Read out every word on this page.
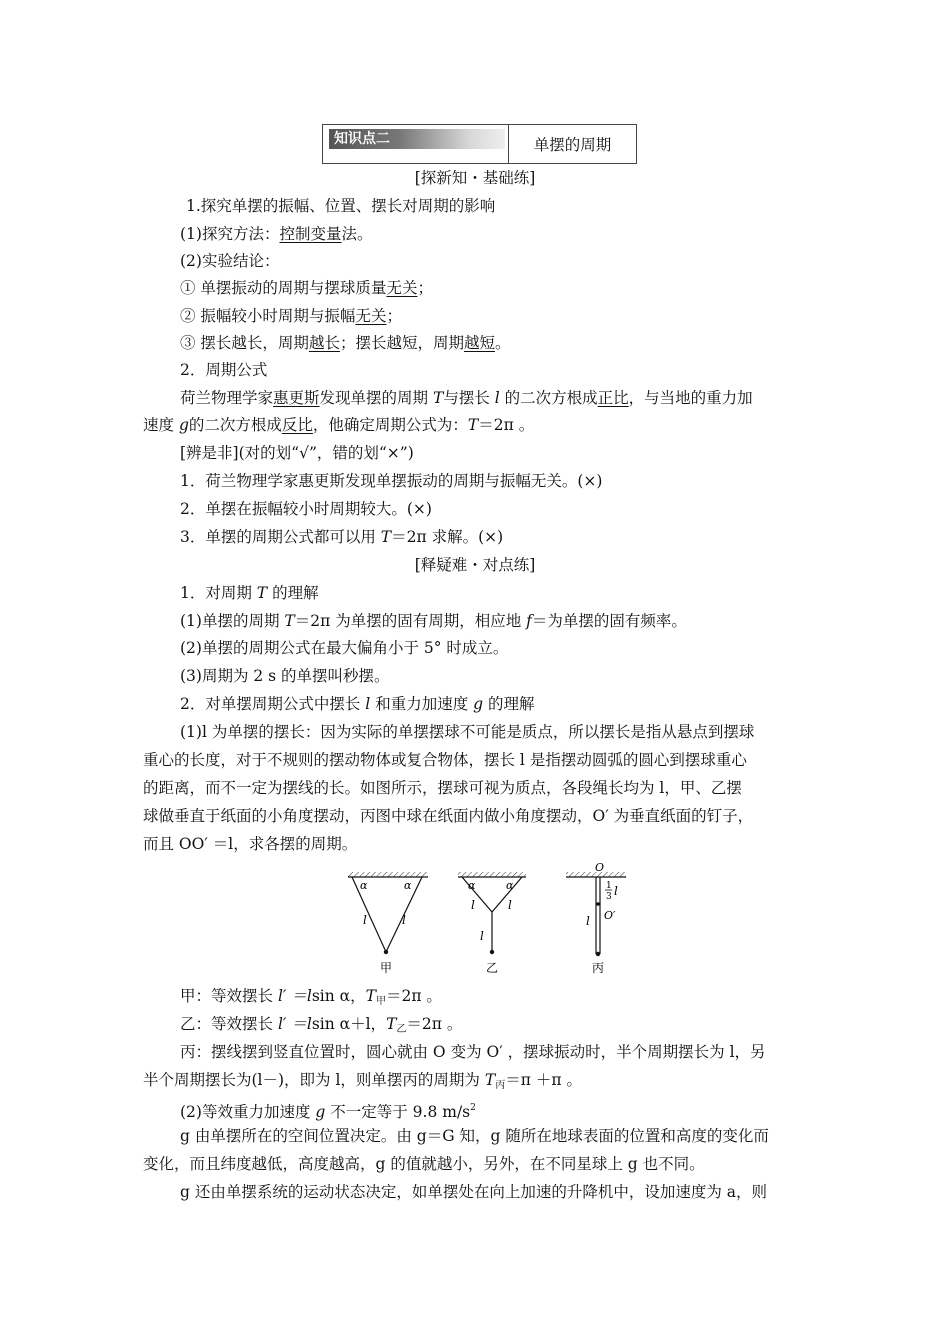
知识点二	单摆的周期
[探新知・基础练]
1.探究单摆的振幅、位置、摆长对周期的影响
(1)探究方法：控制变量法。
(2)实验结论：
① 单摆振动的周期与摆球质量无关；
② 振幅较小时周期与振幅无关；
③ 摆长越长，周期越长；摆长越短，周期越短。
2．周期公式
荷兰物理学家惠更斯发现单摆的周期 T与摆长 l 的二次方根成正比，与当地的重力加
速度 g的二次方根成反比，他确定周期公式为：T＝2π 。
[辨是非](对的划“√”，错的划“×”)
1．荷兰物理学家惠更斯发现单摆振动的周期与振幅无关。(×)
2．单摆在振幅较小时周期较大。(×)
3．单摆的周期公式都可以用 T＝2π 求解。(×)
[释疑难・对点练]
1．对周期 T 的理解
(1)单摆的周期 T＝2π 为单摆的固有周期，相应地 f＝为单摆的固有频率。
(2)单摆的周期公式在最大偏角小于 5° 时成立。
(3)周期为 2 s 的单摆叫秒摆。
2．对单摆周期公式中摆长 l 和重力加速度 g 的理解
(1)l 为单摆的摆长：因为实际的单摆摆球不可能是质点，所以摆长是指从悬点到摆球
重心的长度，对于不规则的摆动物体或复合物体，摆长 l 是指摆动圆弧的圆心到摆球重心
的距离，而不一定为摆线的长。如图所示，摆球可视为质点，各段绳长均为 l，甲、乙摆
球做垂直于纸面的小角度摆动，丙图中球在纸面内做小角度摆动，O′ 为垂直纸面的钉子，
而且 OO′ ＝l，求各摆的周期。
α	α
l	l
甲
α	α
l	l
l
乙
O
1
3 l
O′
l
丙
甲：等效摆长 l′ ＝lsin α，$T_甲=2\pi$ 。
乙：等效摆长 l′ ＝lsin α＋l，$T_乙=2\pi$ 。
丙：摆线摆到竖直位置时，圆心就由 O 变为 O′ ，摆球振动时，半个周期摆长为 l，另
半个周期摆长为(l－)，即为 l，则单摆丙的周期为 $T_丙=\pi +\pi$ 。
(2)等效重力加速度 g 不一定等于 9.8 $m/s^2$
g 由单摆所在的空间位置决定。由 g＝G 知，g 随所在地球表面的位置和高度的变化而
变化，而且纬度越低，高度越高，g 的值就越小，另外，在不同星球上 g 也不同。
g 还由单摆系统的运动状态决定，如单摆处在向上加速的升降机中，设加速度为 a，则
